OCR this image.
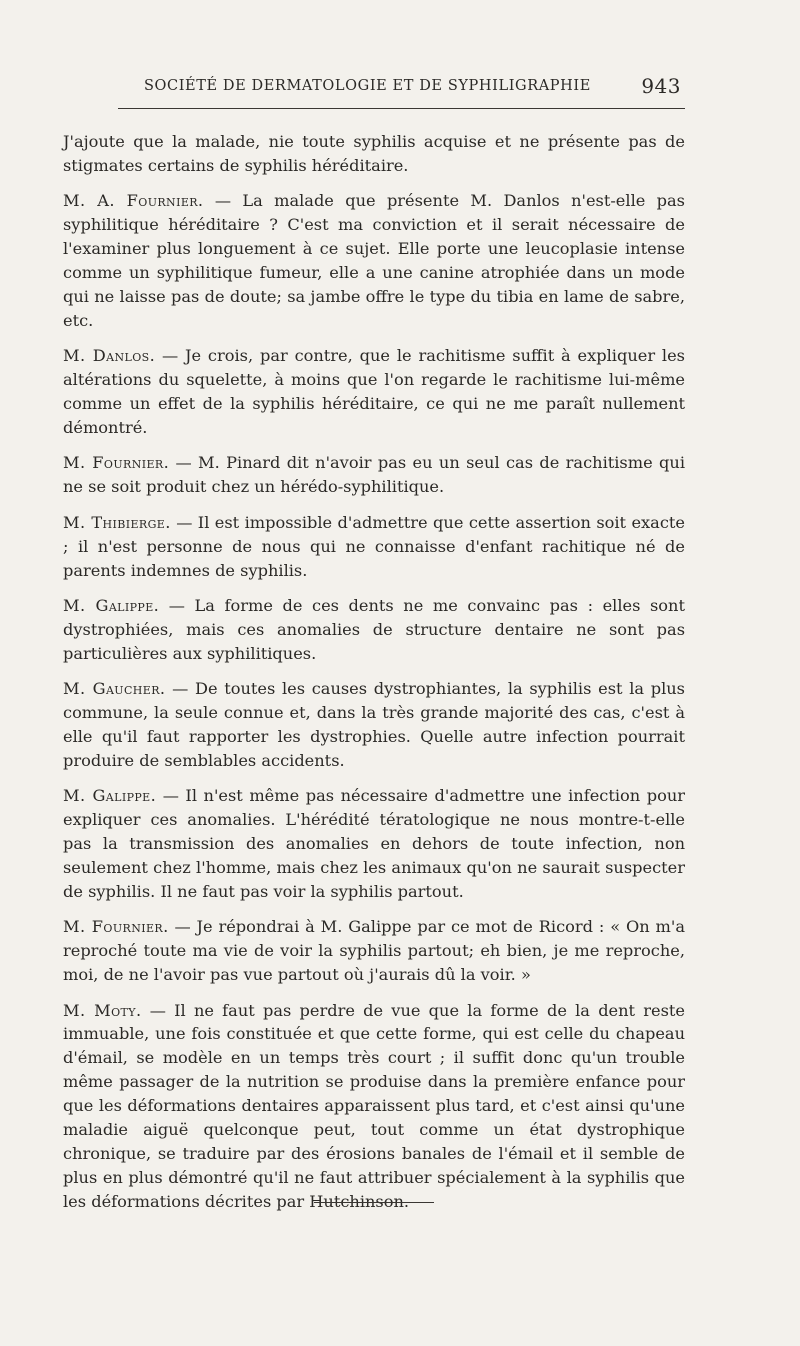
SOCIÉTÉ DE DERMATOLOGIE ET DE SYPHILIGRAPHIE	943

J'ajoute que la malade, nie toute syphilis acquise et ne présente pas de stigmates certains de syphilis héréditaire.

M. A. Fournier. — La malade que présente M. Danlos n'est-elle pas syphilitique héréditaire ? C'est ma conviction et il serait nécessaire de l'examiner plus longuement à ce sujet. Elle porte une leucoplasie intense comme un syphilitique fumeur, elle a une canine atrophiée dans un mode qui ne laisse pas de doute; sa jambe offre le type du tibia en lame de sabre, etc.

M. Danlos. — Je crois, par contre, que le rachitisme suffit à expliquer les altérations du squelette, à moins que l'on regarde le rachitisme lui-même comme un effet de la syphilis héréditaire, ce qui ne me paraît nullement démontré.

M. Fournier. — M. Pinard dit n'avoir pas eu un seul cas de rachitisme qui ne se soit produit chez un hérédo-syphilitique.

M. Thibierge. — Il est impossible d'admettre que cette assertion soit exacte ; il n'est personne de nous qui ne connaisse d'enfant rachitique né de parents indemnes de syphilis.

M. Galippe. — La forme de ces dents ne me convainc pas : elles sont dystrophiées, mais ces anomalies de structure dentaire ne sont pas particulières aux syphilitiques.

M. Gaucher. — De toutes les causes dystrophiantes, la syphilis est la plus commune, la seule connue et, dans la très grande majorité des cas, c'est à elle qu'il faut rapporter les dystrophies. Quelle autre infection pourrait produire de semblables accidents.

M. Galippe. — Il n'est même pas nécessaire d'admettre une infection pour expliquer ces anomalies. L'hérédité tératologique ne nous montre-t-elle pas la transmission des anomalies en dehors de toute infection, non seulement chez l'homme, mais chez les animaux qu'on ne saurait suspecter de syphilis. Il ne faut pas voir la syphilis partout.

M. Fournier. — Je répondrai à M. Galippe par ce mot de Ricord : « On m'a reproché toute ma vie de voir la syphilis partout; eh bien, je me reproche, moi, de ne l'avoir pas vue partout où j'aurais dû la voir. »

M. Moty. — Il ne faut pas perdre de vue que la forme de la dent reste immuable, une fois constituée et que cette forme, qui est celle du chapeau d'émail, se modèle en un temps très court ; il suffit donc qu'un trouble même passager de la nutrition se produise dans la première enfance pour que les déformations dentaires apparaissent plus tard, et c'est ainsi qu'une maladie aiguë quelconque peut, tout comme un état dystrophique chronique, se traduire par des érosions banales de l'émail et il semble de plus en plus démontré qu'il ne faut attribuer spécialement à la syphilis que les déformations décrites par Hutchinson.
